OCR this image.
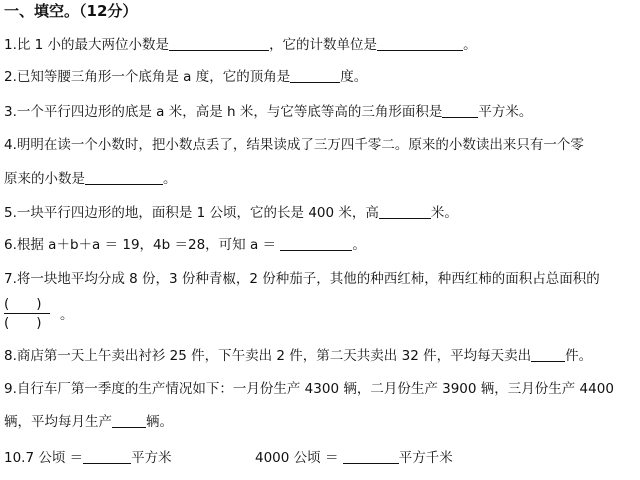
一、填空。（12分）
1.比 1 小的最大两位小数是	，它的计数单位是	。
2.已知等腰三角形一个底角是 a 度，它的顶角是	度。
3.一个平行四边形的底是 a 米，高是 h 米，与它等底等高的三角形面积是	平方米。
4.明明在读一个小数时，把小数点丢了，结果读成了三万四千零二。原来的小数读出来只有一个零
原来的小数是	。
5.一块平行四边形的地，面积是 1 公顷，它的长是 400 米，高	米。
6.根据 a＋b＋a ＝ 19，4b ＝28，可知 a ＝	。
7.将一块地平均分成 8 份，3 份种青椒，2 份种茄子，其他的种西红柿，种西红柿的面积占总面积的
(　　)
(　　)	。
8.商店第一天上午卖出衬衫 25 件，下午卖出 2 件，第二天共卖出 32 件，平均每天卖出	件。
9.自行车厂第一季度的生产情况如下：一月份生产 4300 辆，二月份生产 3900 辆，三月份生产 4400
辆，平均每月生产	辆。
10.7 公顷 ＝	平方米	4000 公顷 ＝	平方千米
